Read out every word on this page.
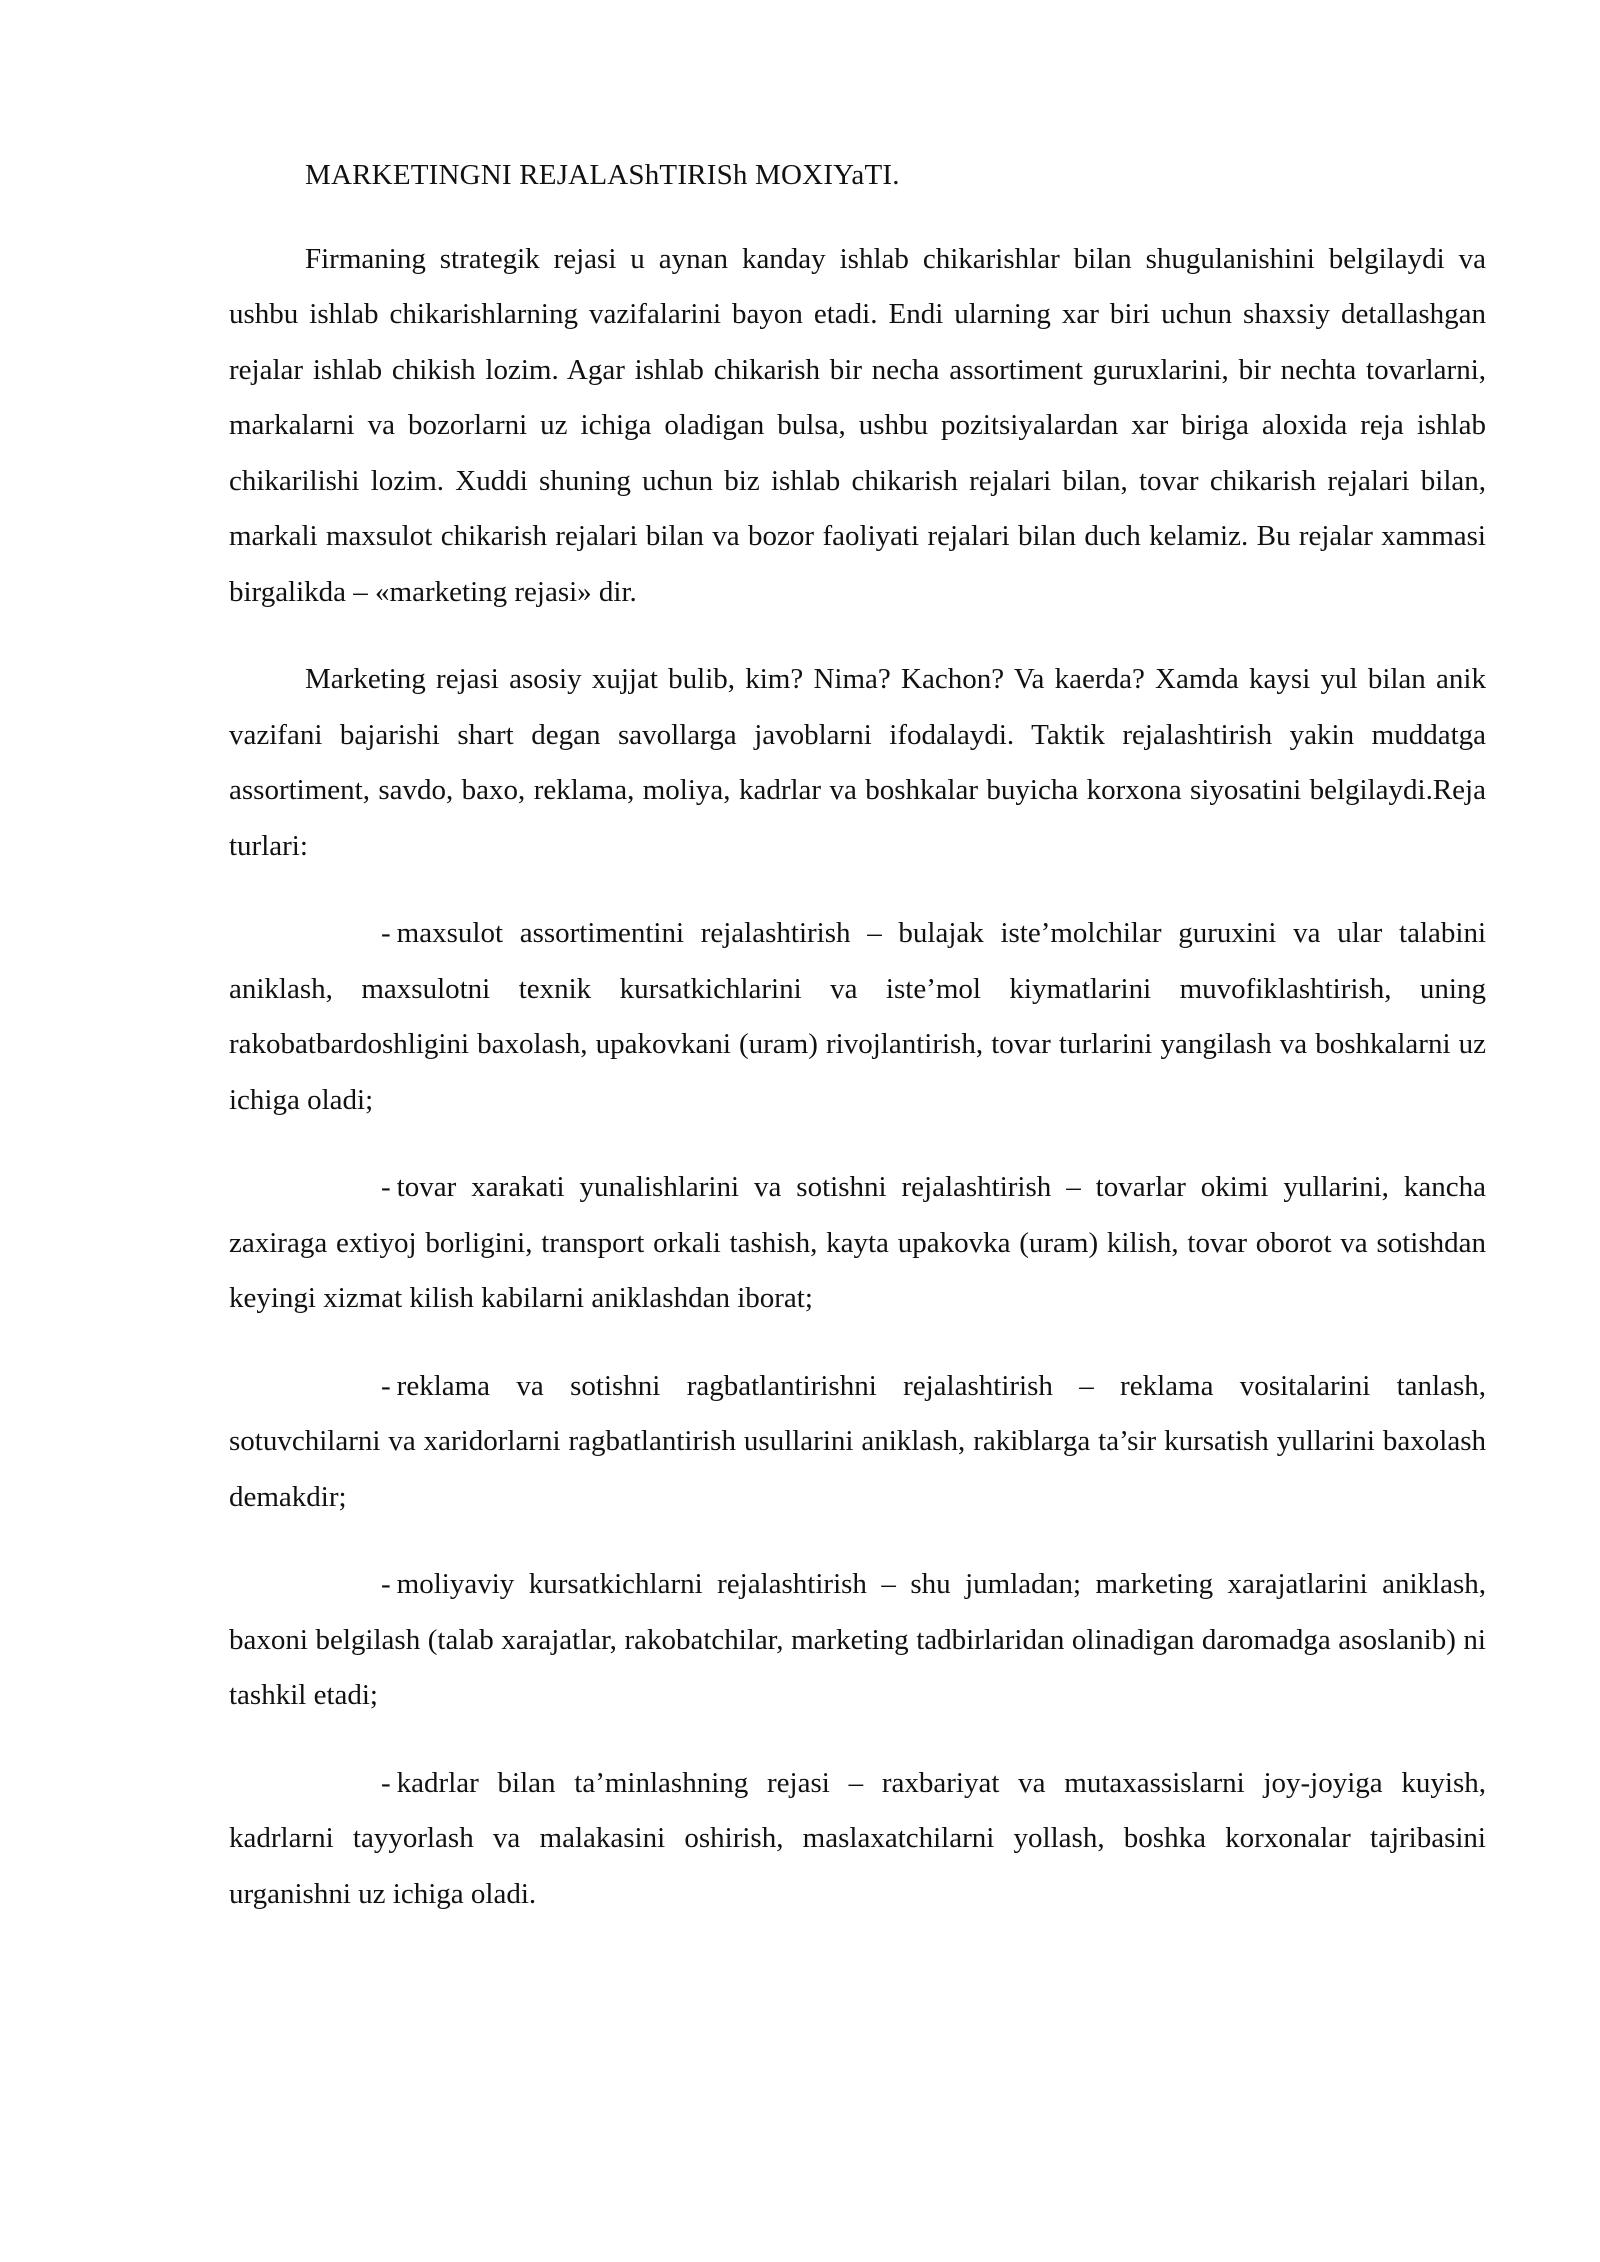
MARKETINGNI REJALAShTIRISh MOXIYaTI.

Firmaning strategik rejasi u aynan kanday ishlab chikarishlar bilan shugulanishini belgilaydi va ushbu ishlab chikarishlarning vazifalarini bayon etadi. Endi ularning xar biri uchun shaxsiy detallashgan rejalar ishlab chikish lozim. Agar ishlab chikarish bir necha assortiment guruxlarini, bir nechta tovarlarni, markalarni va bozorlarni uz ichiga oladigan bulsa, ushbu pozitsiyalardan xar biriga aloxida reja ishlab chikarilishi lozim. Xuddi shuning uchun biz ishlab chikarish rejalari bilan, tovar chikarish rejalari bilan, markali maxsulot chikarish rejalari bilan va bozor faoliyati rejalari bilan duch kelamiz. Bu rejalar xammasi birgalikda – «marketing rejasi» dir.

Marketing rejasi asosiy xujjat bulib, kim? Nima? Kachon? Va kaerda? Xamda kaysi yul bilan anik vazifani bajarishi shart degan savollarga javoblarni ifodalaydi. Taktik rejalashtirish yakin muddatga assortiment, savdo, baxo, reklama, moliya, kadrlar va boshkalar buyicha korxona siyosatini belgilaydi.Reja turlari:

- maxsulot assortimentini rejalashtirish – bulajak iste’molchilar guruxini va ular talabini aniklash, maxsulotni texnik kursatkichlarini va iste’mol kiymatlarini muvofiklashtirish, uning rakobatbardoshligini baxolash, upakovkani (uram) rivojlantirish, tovar turlarini yangilash va boshkalarni uz ichiga oladi;

- tovar xarakati yunalishlarini va sotishni rejalashtirish – tovarlar okimi yullarini, kancha zaxiraga extiyoj borligini, transport orkali tashish, kayta upakovka (uram) kilish, tovar oborot va sotishdan keyingi xizmat kilish kabilarni aniklashdan iborat;

- reklama va sotishni ragbatlantirishni rejalashtirish – reklama vositalarini tanlash, sotuvchilarni va xaridorlarni ragbatlantirish usullarini aniklash, rakiblarga ta’sir kursatish yullarini baxolash demakdir;

- moliyaviy kursatkichlarni rejalashtirish – shu jumladan; marketing xarajatlarini aniklash, baxoni belgilash (talab xarajatlar, rakobatchilar, marketing tadbirlaridan olinadigan daromadga asoslanib) ni tashkil etadi;

- kadrlar bilan ta’minlashning rejasi – raxbariyat va mutaxassislarni joy-joyiga kuyish, kadrlarni tayyorlash va malakasini oshirish, maslaxatchilarni yollash, boshka korxonalar tajribasini urganishni uz ichiga oladi.
